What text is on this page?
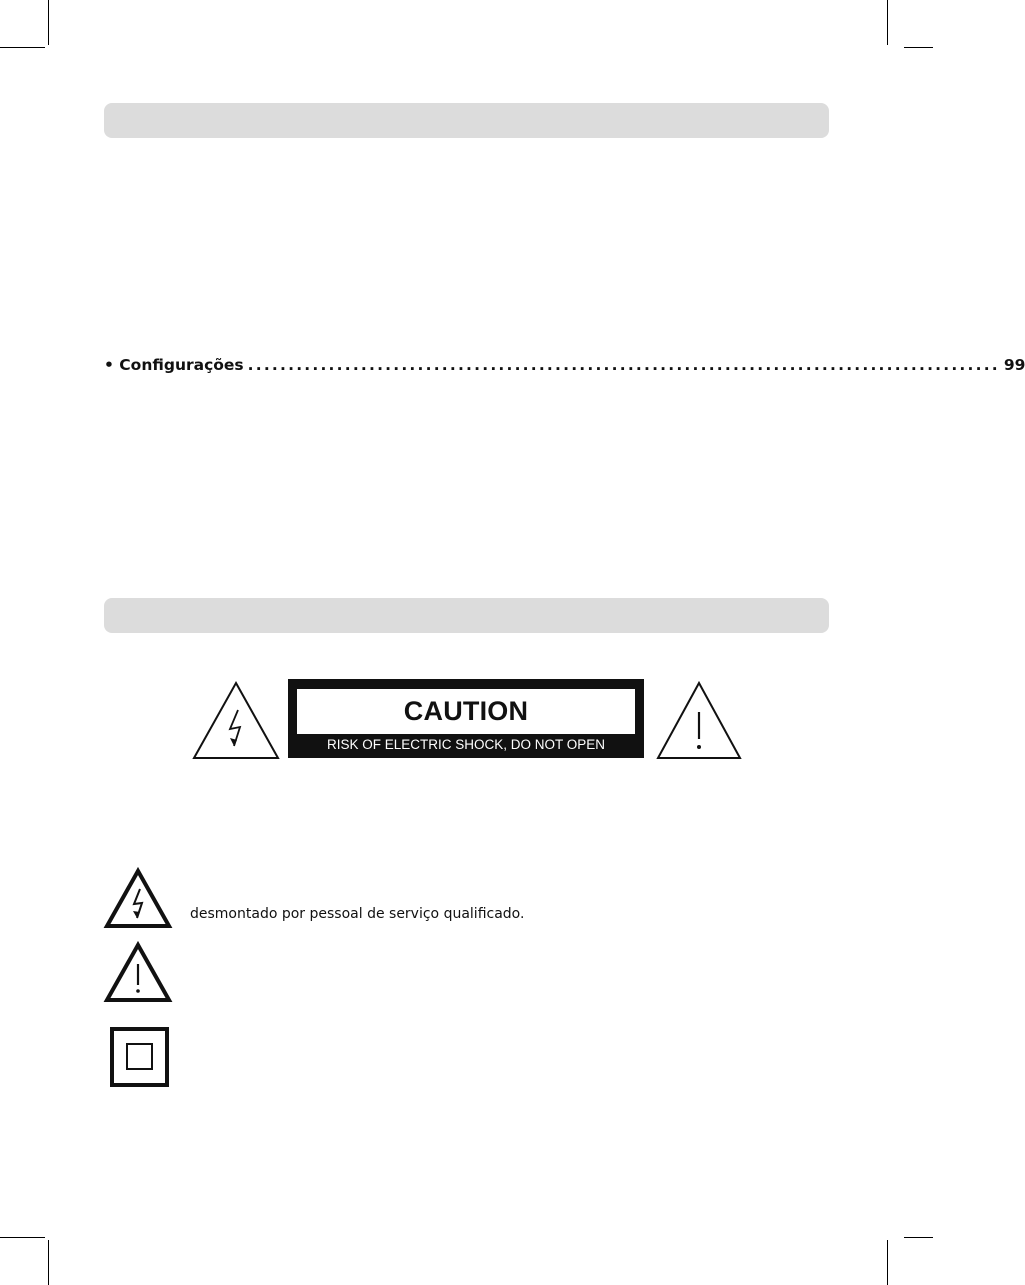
• Configurações ............................................................................................. 99
CAUTION
RISK OF ELECTRIC SHOCK, DO NOT OPEN
desmontado por pessoal de serviço qualificado.
